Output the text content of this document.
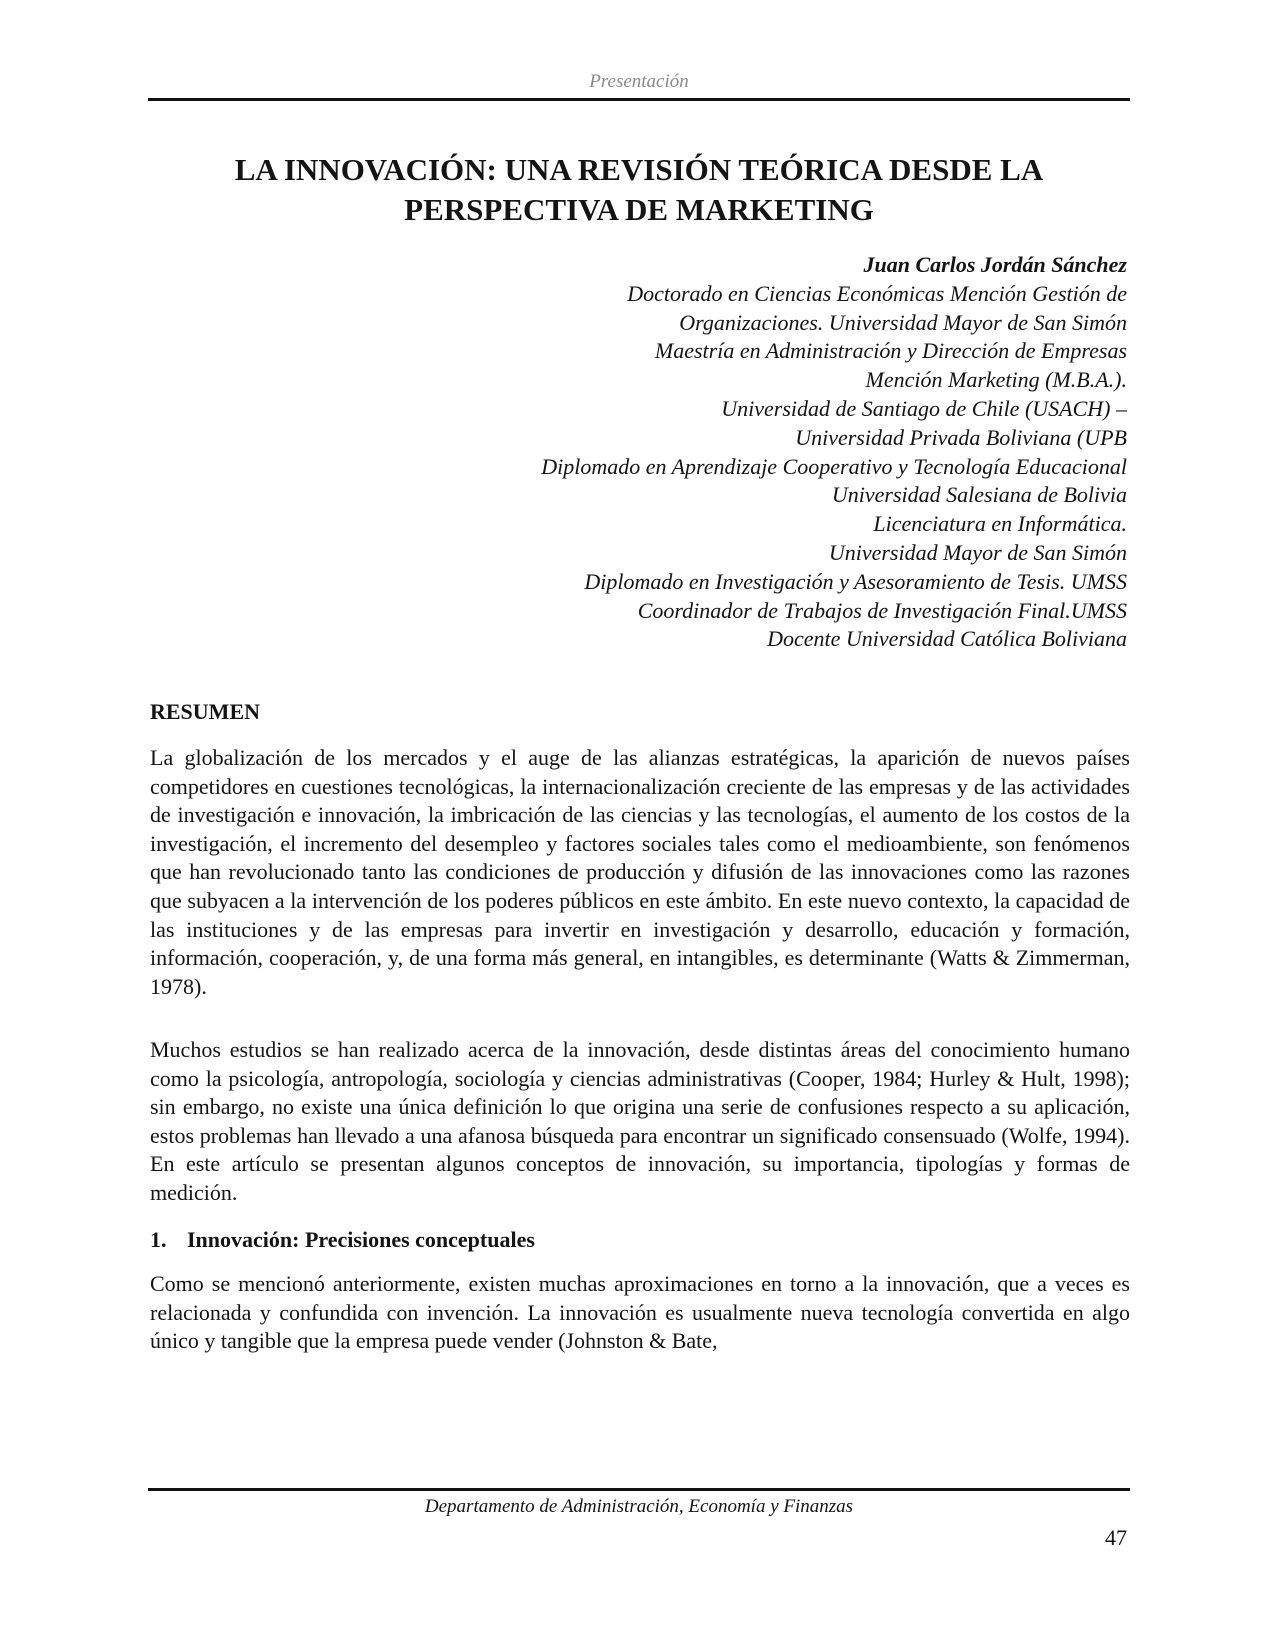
Presentación
LA INNOVACIÓN: UNA REVISIÓN TEÓRICA DESDE LA
PERSPECTIVA DE MARKETING
Juan Carlos Jordán Sánchez
Doctorado en Ciencias Económicas Mención Gestión de
Organizaciones. Universidad Mayor de San Simón
Maestría en Administración y Dirección de Empresas
Mención Marketing (M.B.A.).
Universidad de Santiago de Chile (USACH) –
Universidad Privada Boliviana (UPB
Diplomado en Aprendizaje Cooperativo y Tecnología Educacional
Universidad Salesiana de Bolivia
Licenciatura en Informática.
Universidad Mayor de San Simón
Diplomado en Investigación y Asesoramiento de Tesis. UMSS
Coordinador de Trabajos de Investigación Final.UMSS
Docente Universidad Católica Boliviana
RESUMEN

La globalización de los mercados y el auge de las alianzas estratégicas, la aparición de nuevos países competidores en cuestiones tecnológicas, la internacionalización creciente de las empresas y de las actividades de investigación e innovación, la imbricación de las ciencias y las tecnologías, el aumento de los costos de la investigación, el incremento del desempleo y factores sociales tales como el medioambiente, son fenómenos que han revolucionado tanto las condiciones de producción y difusión de las innovaciones como las razones que subyacen a la intervención de los poderes públicos en este ámbito. En este nuevo contexto, la capacidad de las instituciones y de las empresas para invertir en investigación y desarrollo, educación y formación, información, cooperación, y, de una forma más general, en intangibles, es determinante (Watts & Zimmerman, 1978).

Muchos estudios se han realizado acerca de la innovación, desde distintas áreas del conocimiento humano como la psicología, antropología, sociología y ciencias administrativas (Cooper, 1984; Hurley & Hult, 1998); sin embargo, no existe una única definición lo que origina una serie de confusiones respecto a su aplicación, estos problemas han llevado a una afanosa búsqueda para encontrar un significado consensuado (Wolfe, 1994). En este artículo se presentan algunos conceptos de innovación, su importancia, tipologías y formas de medición.

1. Innovación: Precisiones conceptuales

Como se mencionó anteriormente, existen muchas aproximaciones en torno a la innovación, que a veces es relacionada y confundida con invención. La innovación es usualmente nueva tecnología convertida en algo único y tangible que la empresa puede vender (Johnston & Bate,

Departamento de Administración, Economía y Finanzas
47
